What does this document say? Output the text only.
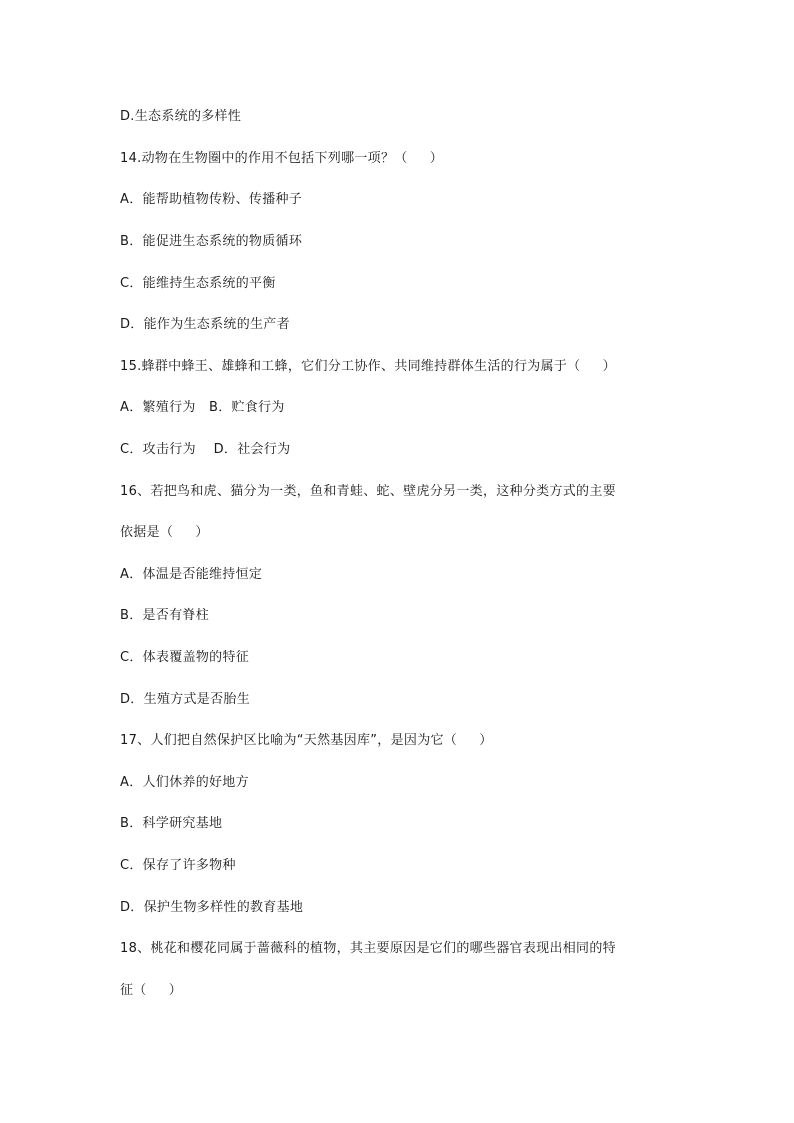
D.生态系统的多样性
14.动物在生物圈中的作用不包括下列哪一项？（     ）
A．能帮助植物传粉、传播种子
B．能促进生态系统的物质循环
C．能维持生态系统的平衡
D．能作为生态系统的生产者
15.蜂群中蜂王、雄蜂和工蜂，它们分工协作、共同维持群体生活的行为属于（     ）
A．繁殖行为　B．贮食行为
C．攻击行为　 D．社会行为
16、若把鸟和虎、猫分为一类，鱼和青蛙、蛇、壁虎分另一类，这种分类方式的主要
依据是（     ）
A．体温是否能维持恒定
B．是否有脊柱
C．体表覆盖物的特征
D．生殖方式是否胎生
17、人们把自然保护区比喻为“天然基因库”，是因为它（     ）
A．人们休养的好地方
B．科学研究基地
C．保存了许多物种
D．保护生物多样性的教育基地
18、桃花和樱花同属于蔷薇科的植物，其主要原因是它们的哪些器官表现出相同的特
征（     ）
